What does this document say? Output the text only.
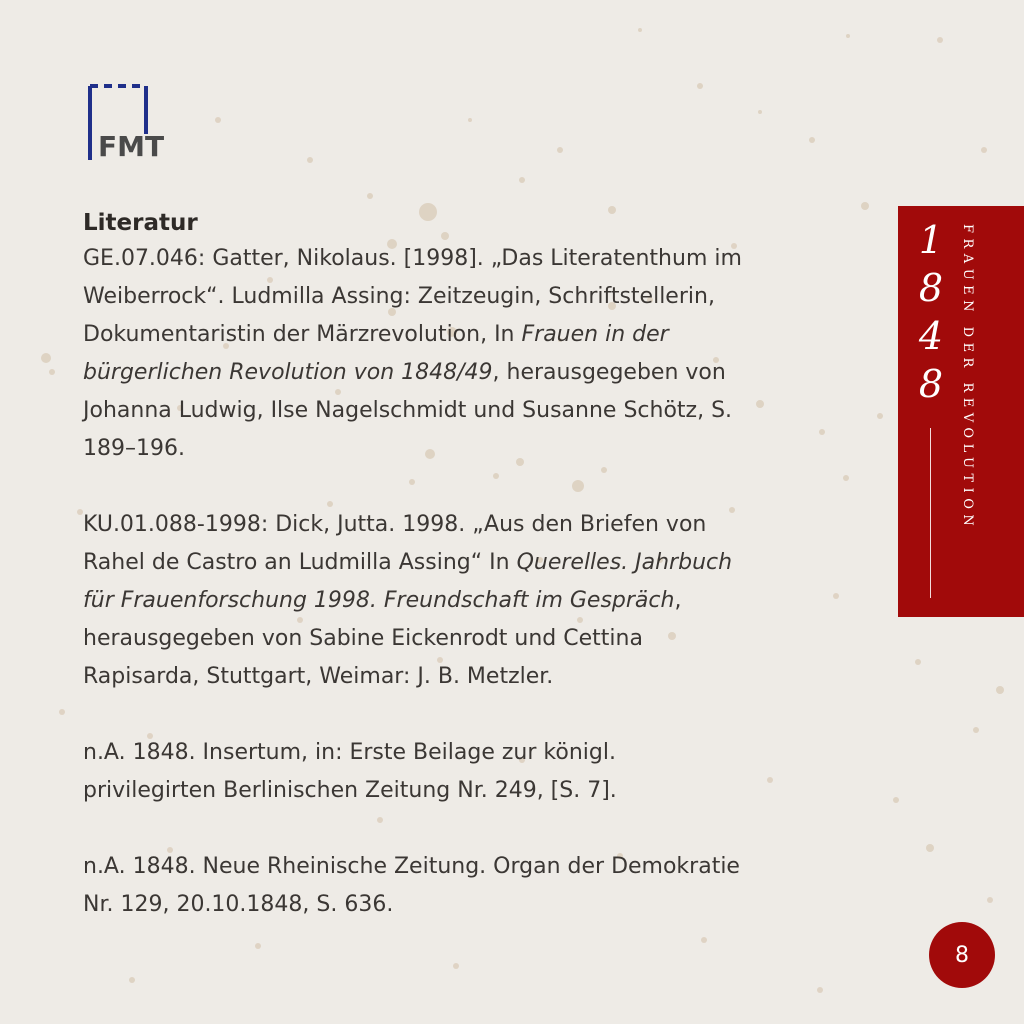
FMT

Literatur

GE.07.046: Gatter, Nikolaus. [1998]. „Das Literatenthum im

Weiberrock“. Ludmilla Assing: Zeitzeugin, Schriftstellerin,

Dokumentaristin der Märzrevolution, In Frauen in der

bürgerlichen Revolution von 1848/49, herausgegeben von

Johanna Ludwig, Ilse Nagelschmidt und Susanne Schötz, S.

189–196.

KU.01.088-1998: Dick, Jutta. 1998. „Aus den Briefen von

Rahel de Castro an Ludmilla Assing“ In Querelles. Jahrbuch

für Frauenforschung 1998. Freundschaft im Gespräch,

herausgegeben von Sabine Eickenrodt und Cettina

Rapisarda, Stuttgart, Weimar: J. B. Metzler.

n.A. 1848. Insertum, in: Erste Beilage zur königl.

privilegirten Berlinischen Zeitung Nr. 249, [S. 7].

n.A. 1848. Neue Rheinische Zeitung. Organ der Demokratie

Nr. 129, 20.10.1848, S. 636.

1
8
4
8 FRAUEN DER REVOLUTION
8
